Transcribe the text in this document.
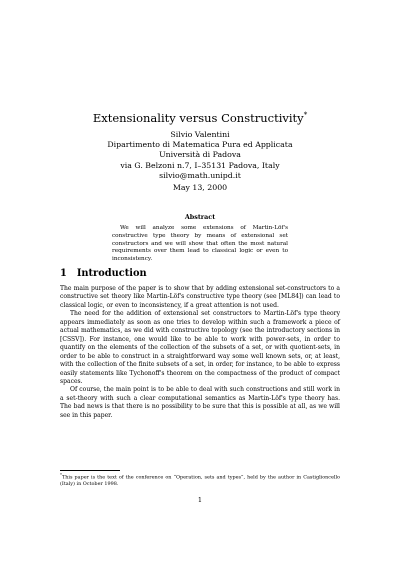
Extensionality versus Constructivity*
Silvio Valentini
Dipartimento di Matematica Pura ed Applicata
Università di Padova
via G. Belzoni n.7, I–35131 Padova, Italy
silvio@math.unipd.it
May 13, 2000
Abstract
We will analyze some extensions of Martin-Löf's constructive type theory by means of extensional set constructors and we will show that often the most natural requirements over them lead to classical logic or even to inconsistency.
1 Introduction

The main purpose of the paper is to show that by adding extensional set-constructors to a constructive set theory like Martin-Löf's constructive type theory (see [ML84]) can lead to classical logic, or even to inconsistency, if a great attention is not used.

The need for the addition of extensional set constructors to Martin-Löf's type theory appears immediately as soon as one tries to develop within such a framework a piece of actual mathematics, as we did with constructive topology (see the introductory sections in [CSSV]). For instance, one would like to be able to work with power-sets, in order to quantify on the elements of the collection of the subsets of a set, or with quotient-sets, in order to be able to construct in a straightforward way some well known sets, or, at least, with the collection of the finite subsets of a set, in order, for instance, to be able to express easily statements like Tychonoff's theorem on the compactness of the product of compact spaces.

Of course, the main point is to be able to deal with such constructions and still work in a set-theory with such a clear computational semantics as Martin-Löf's type theory has. The bad news is that there is no possibility to be sure that this is possible at all, as we will see in this paper.

*This paper is the text of the conference on “Operation, sets and types”, held by the author in Castiglioncello (Italy) in October 1998.
1
